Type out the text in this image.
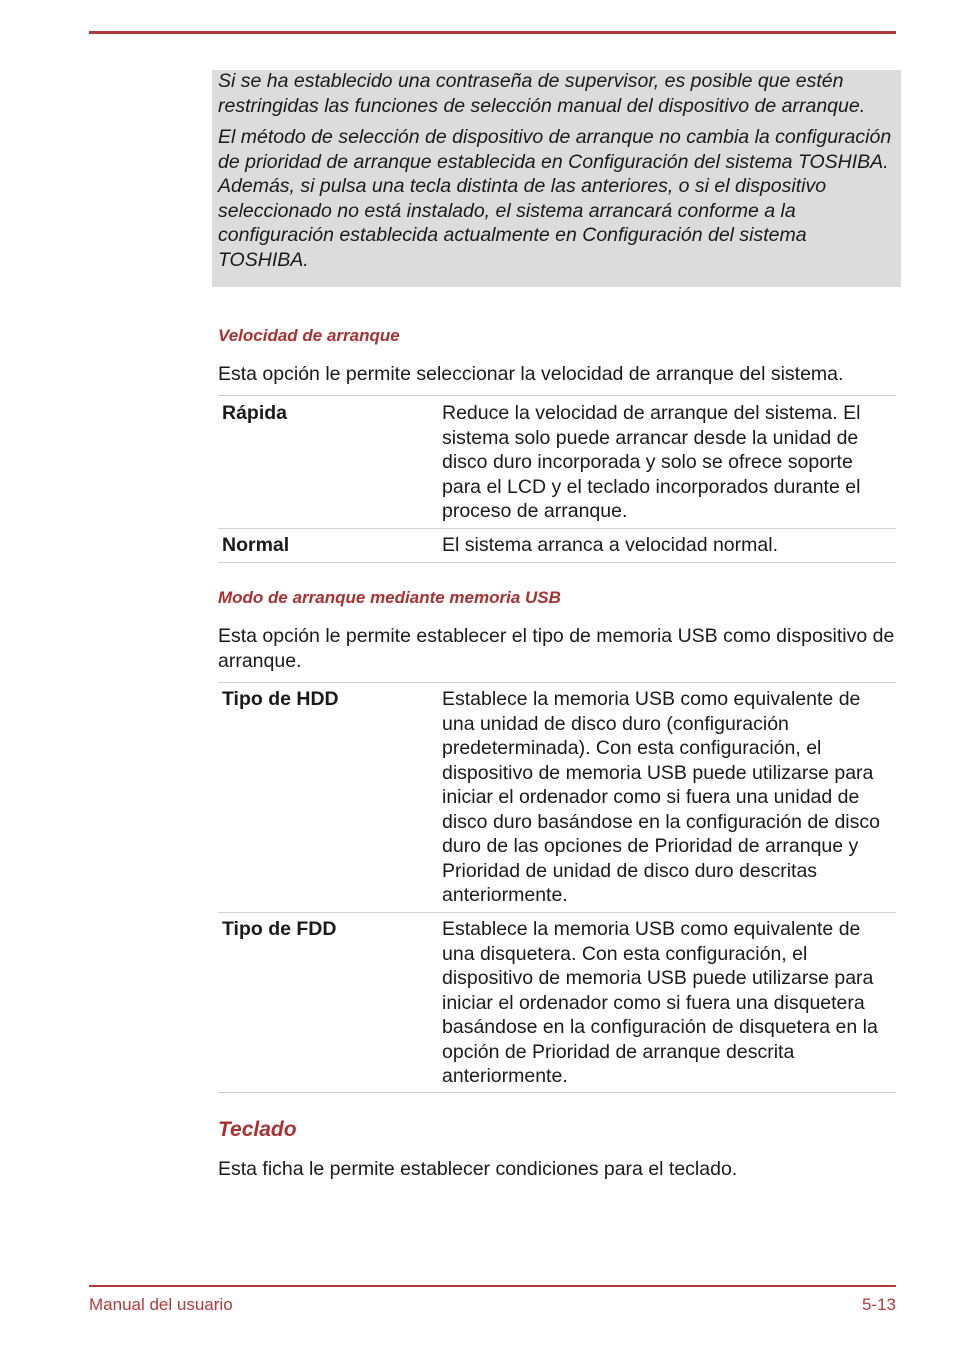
Si se ha establecido una contraseña de supervisor, es posible que estén restringidas las funciones de selección manual del dispositivo de arranque.

El método de selección de dispositivo de arranque no cambia la configuración de prioridad de arranque establecida en Configuración del sistema TOSHIBA. Además, si pulsa una tecla distinta de las anteriores, o si el dispositivo seleccionado no está instalado, el sistema arrancará conforme a la configuración establecida actualmente en Configuración del sistema TOSHIBA.

Velocidad de arranque

Esta opción le permite seleccionar la velocidad de arranque del sistema.

Rápida	Reduce la velocidad de arranque del sistema. El sistema solo puede arrancar desde la unidad de disco duro incorporada y solo se ofrece soporte para el LCD y el teclado incorporados durante el proceso de arranque.
Normal	El sistema arranca a velocidad normal.
Modo de arranque mediante memoria USB

Esta opción le permite establecer el tipo de memoria USB como dispositivo de arranque.

Tipo de HDD	Establece la memoria USB como equivalente de una unidad de disco duro (configuración predeterminada). Con esta configuración, el dispositivo de memoria USB puede utilizarse para iniciar el ordenador como si fuera una unidad de disco duro basándose en la configuración de disco duro de las opciones de Prioridad de arranque y Prioridad de unidad de disco duro descritas anteriormente.
Tipo de FDD	Establece la memoria USB como equivalente de una disquetera. Con esta configuración, el dispositivo de memoria USB puede utilizarse para iniciar el ordenador como si fuera una disquetera basándose en la configuración de disquetera en la opción de Prioridad de arranque descrita anteriormente.
Teclado

Esta ficha le permite establecer condiciones para el teclado.

Manual del usuario	5-13
